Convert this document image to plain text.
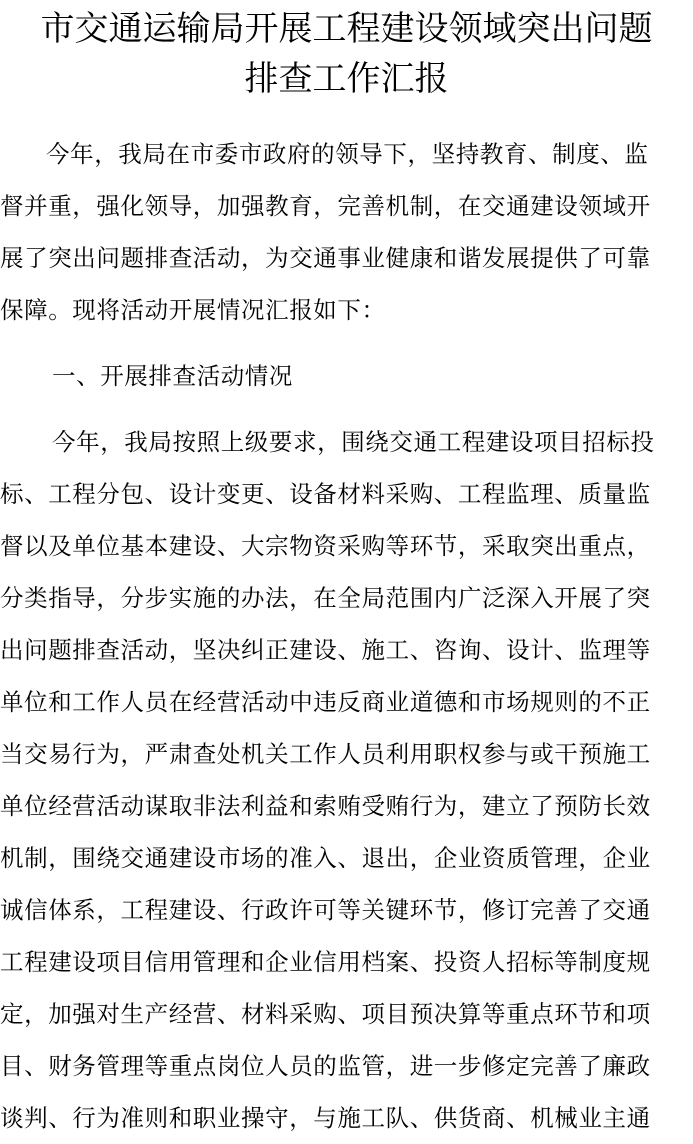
市交通运输局开展工程建设领域突出问题
排查工作汇报
今年，我局在市委市政府的领导下，坚持教育、制度、监
督并重，强化领导，加强教育，完善机制，在交通建设领域开
展了突出问题排查活动，为交通事业健康和谐发展提供了可靠
保障。现将活动开展情况汇报如下：
一、开展排查活动情况
今年，我局按照上级要求，围绕交通工程建设项目招标投
标、工程分包、设计变更、设备材料采购、工程监理、质量监
督以及单位基本建设、大宗物资采购等环节，采取突出重点，
分类指导，分步实施的办法，在全局范围内广泛深入开展了突
出问题排查活动，坚决纠正建设、施工、咨询、设计、监理等
单位和工作人员在经营活动中违反商业道德和市场规则的不正
当交易行为，严肃查处机关工作人员利用职权参与或干预施工
单位经营活动谋取非法利益和索贿受贿行为，建立了预防长效
机制，围绕交通建设市场的准入、退出，企业资质管理，企业
诚信体系，工程建设、行政许可等关键环节，修订完善了交通
工程建设项目信用管理和企业信用档案、投资人招标等制度规
定，加强对生产经营、材料采购、项目预决算等重点环节和项
目、财务管理等重点岗位人员的监管，进一步修定完善了廉政
谈判、行为准则和职业操守，与施工队、供货商、机械业主通
